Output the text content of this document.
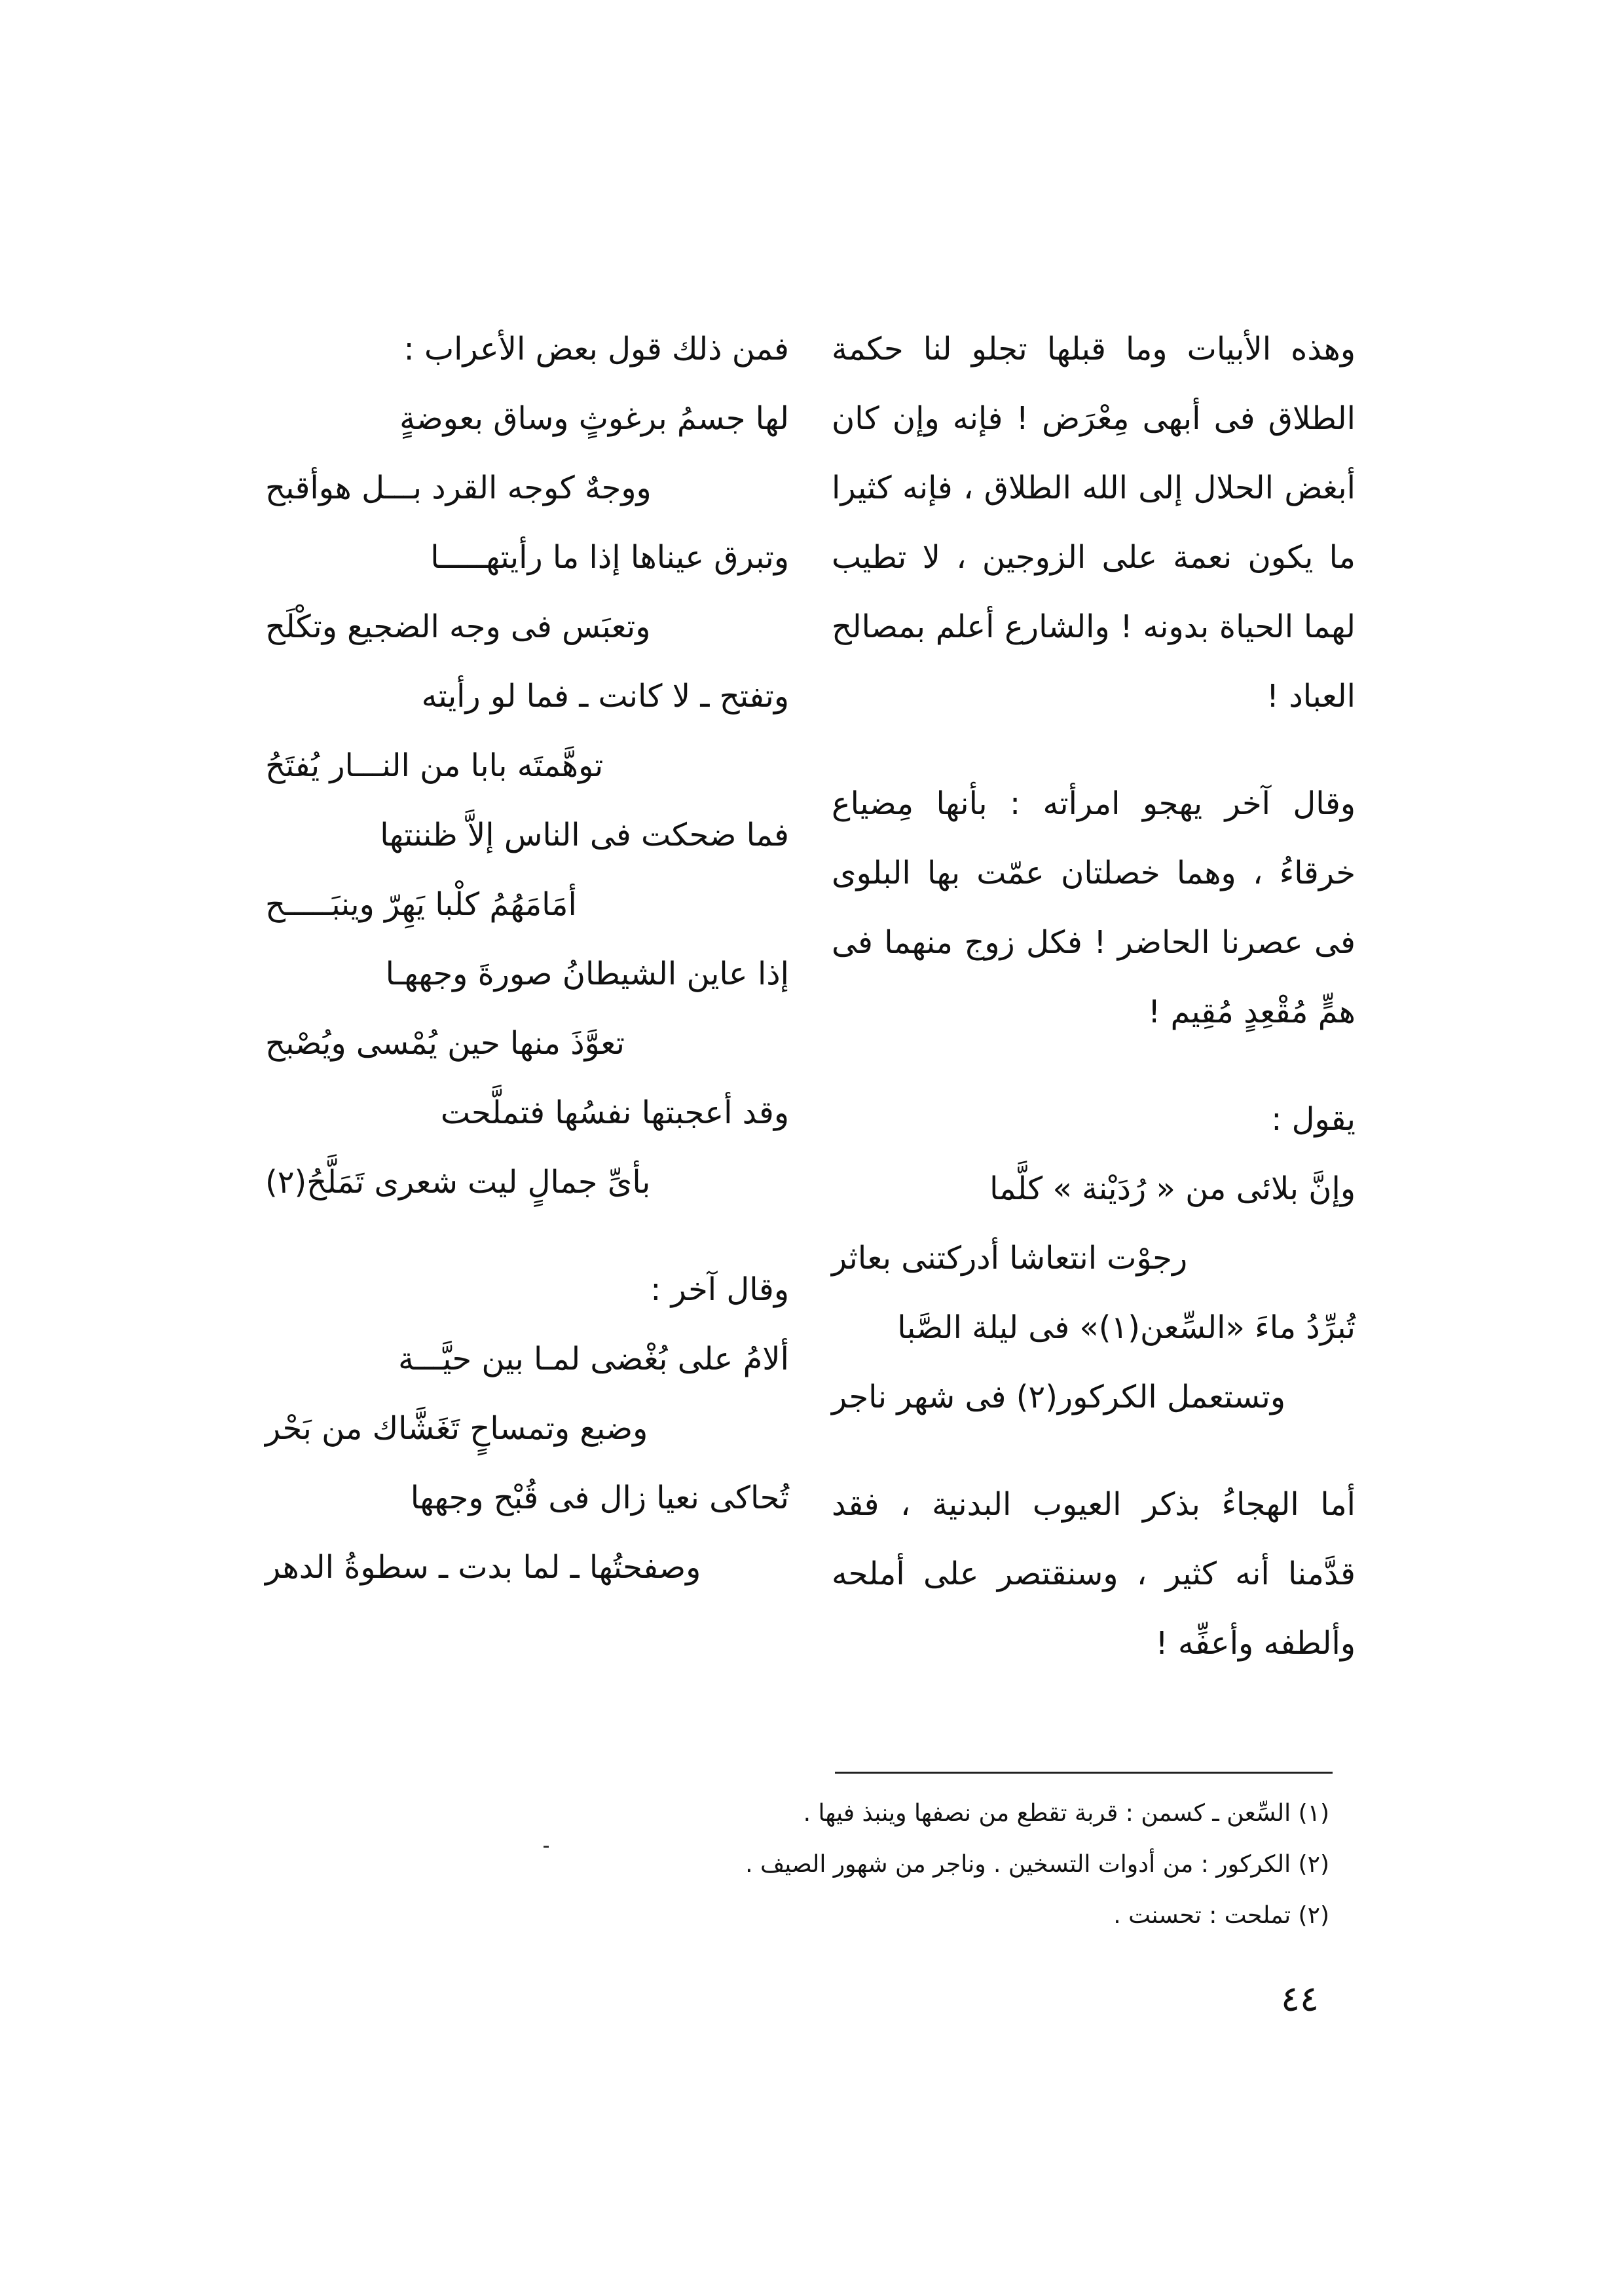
وهذه الأبيات وما قبلها تجلو لنا حكمة الطلاق فى أبهى مِعْرَض ! فإنه وإن كان أبغض الحلال إلى الله الطلاق ، فإنه كثيرا ما يكون نعمة على الزوجين ، لا تطيب لهما الحياة بدونه ! والشارع أعلم بمصالح العباد !

وقال آخر يهجو امرأته : بأنها مِضياع خرقاءُ ، وهما خصلتان عمّت بها البلوى فى عصرنا الحاضر ! فكل زوج منهما فى همٍّ مُقْعِدٍ مُقِيم !

يقول :

وإنَّ بلائى من « رُدَيْنة » كلَّما

رجوْت انتعاشا أدركتنى بعاثر

تُبرِّدُ ماءَ «السِّعن(١)» فى ليلة الصَّبا

وتستعمل الكركور(٢) فى شهر ناجر

أما الهجاءُ بذكر العيوب البدنية ، فقد قدَّمنا أنه كثير ، وسنقتصر على أملحه وألطفه وأعفِّه !

فمن ذلك قول بعض الأعراب :

لها جسمُ برغوثٍ وساق بعوضةٍ

ووجهٌ كوجه القرد بـــل هوأقبح

وتبرق عيناها إذا ما رأيتهـــــا

وتعبَس فى وجه الضجيع وتكْلَح

وتفتح ـ لا كانت ـ فما لو رأيته

توهَّمتَه بابا من النـــار يُفتَحُ

فما ضحكت فى الناس إلاَّ ظننتها

أمَامَهُمُ كلْبا يَهِرّ وينبَـــــح

إذا عاين الشيطانُ صورةَ وجههـا

تعوَّذَ منها حين يُمْسى ويُصْبح

وقد أعجبتها نفسُها فتملَّحت

بأىِّ جمالٍ ليت شعرى تَمَلَّحُ(٢)

وقال آخر :

ألامُ على بُغْضى لمـا بين حيَّـــة

وضبع وتمساحٍ تَغَشَّاك من بَحْر

تُحاكى نعيا زال فى قُبْح وجهها

وصفحتُها ـ لما بدت ـ سطوةُ الدهر

(١) السِّعن ـ كسمن : قربة تقطع من نصفها وينبذ فيها .

(٢) الكركور : من أدوات التسخين . وناجر من شهور الصيف .

(٢) تملحت : تحسنت .

٤٤
